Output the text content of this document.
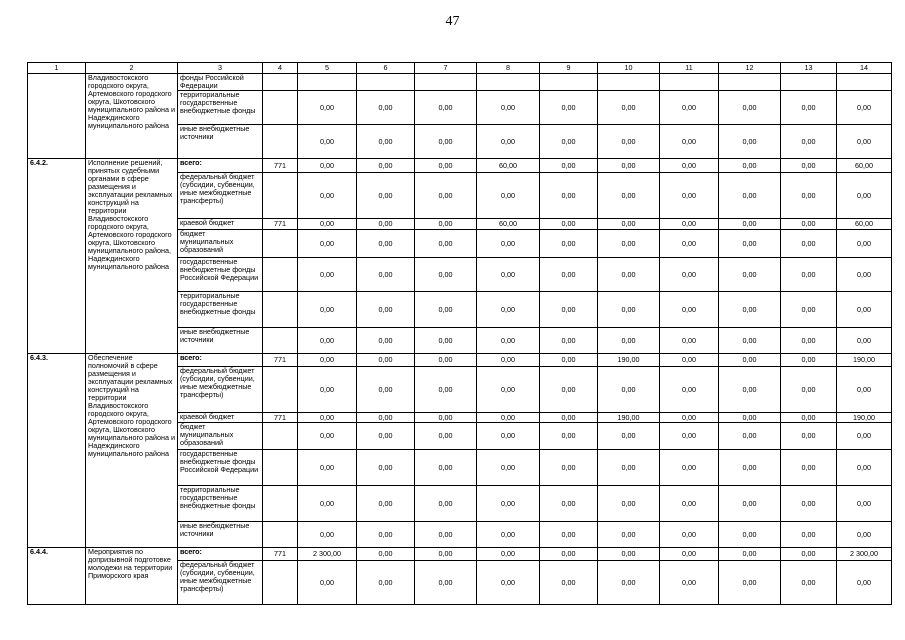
47
1	2	3	4	5	6	7	8	9	10	11	12	13	14
	Владивостокского городского округа, Артемовского городского округа, Шкотовского муниципального района и Надеждинского муниципального района	фонды Российской Федерации											
		территориальные государственные внебюджетные фонды		0,00	0,00	0,00	0,00	0,00	0,00	0,00	0,00	0,00	0,00
		иные внебюджетные источники		0,00	0,00	0,00	0,00	0,00	0,00	0,00	0,00	0,00	0,00
6.4.2.	Исполнение решений, принятых судебными органами в сфере размещения и эксплуатации рекламных конструкций на территории Владивостокского городского округа, Артемовского городского округа, Шкотовского муниципального района, Надеждинского муниципального района	всего:	771	0,00	0,00	0,00	60,00	0,00	0,00	0,00	0,00	0,00	60,00
		федеральный бюджет (субсидии, субвенции, иные межбюджетные трансферты)		0,00	0,00	0,00	0,00	0,00	0,00	0,00	0,00	0,00	0,00
		краевой бюджет	771	0,00	0,00	0,00	60,00	0,00	0,00	0,00	0,00	0,00	60,00
		бюджет муниципальных образований		0,00	0,00	0,00	0,00	0,00	0,00	0,00	0,00	0,00	0,00
		государственные внебюджетные фонды Российской Федерации		0,00	0,00	0,00	0,00	0,00	0,00	0,00	0,00	0,00	0,00
		территориальные государственные внебюджетные фонды		0,00	0,00	0,00	0,00	0,00	0,00	0,00	0,00	0,00	0,00
		иные внебюджетные источники		0,00	0,00	0,00	0,00	0,00	0,00	0,00	0,00	0,00	0,00
6.4.3.	Обеспечение полномочий в сфере размещения и эксплуатации рекламных конструкций на территории Владивостокского городского округа, Артемовского городского округа, Шкотовского муниципального района и Надеждинского муниципального района	всего:	771	0,00	0,00	0,00	0,00	0,00	190,00	0,00	0,00	0,00	190,00
		федеральный бюджет (субсидии, субвенции, иные межбюджетные трансферты)		0,00	0,00	0,00	0,00	0,00	0,00	0,00	0,00	0,00	0,00
		краевой бюджет	771	0,00	0,00	0,00	0,00	0,00	190,00	0,00	0,00	0,00	190,00
		бюджет муниципальных образований		0,00	0,00	0,00	0,00	0,00	0,00	0,00	0,00	0,00	0,00
		государственные внебюджетные фонды Российской Федерации		0,00	0,00	0,00	0,00	0,00	0,00	0,00	0,00	0,00	0,00
		территориальные государственные внебюджетные фонды		0,00	0,00	0,00	0,00	0,00	0,00	0,00	0,00	0,00	0,00
		иные внебюджетные источники		0,00	0,00	0,00	0,00	0,00	0,00	0,00	0,00	0,00	0,00
6.4.4.	Мероприятия по допризывной подготовке молодежи на территории Приморского края	всего:	771	2 300,00	0,00	0,00	0,00	0,00	0,00	0,00	0,00	0,00	2 300,00
		федеральный бюджет (субсидии, субвенции, иные межбюджетные трансферты)		0,00	0,00	0,00	0,00	0,00	0,00	0,00	0,00	0,00	0,00
